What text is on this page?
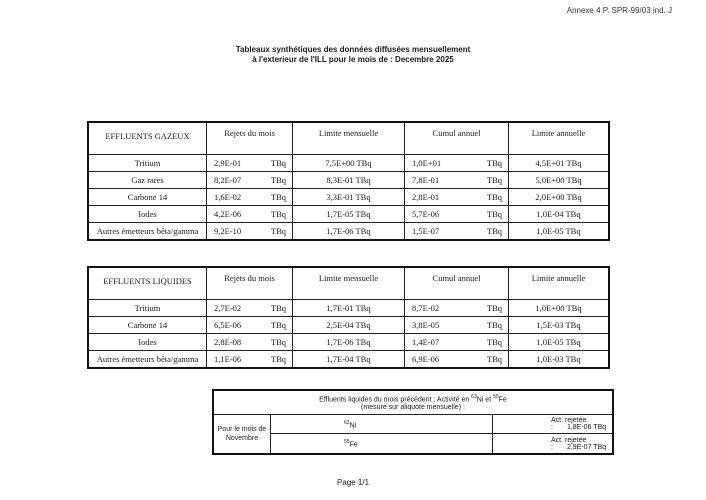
Annexe 4 P. SPR-99/03 ind. J
Tableaux synthétiques des données diffusées mensuellement
à l'exterieur de l'ILL pour le mois de : Decembre 2025
EFFLUENTS GAZEUX	Rejets du mois	Limite mensuelle	Cumul annuel	Limite annuelle

Tritium	2,9E-01 TBq	7,5E+00 TBq	1,0E+01 TBq	4,5E+01 TBq
Gaz rares	8,2E-07 TBq	8,3E-01 TBq	7,8E-01 TBq	5,0E+00 TBq
Carbone 14	1,6E-02 TBq	3,3E-01 TBq	2,8E-01 TBq	2,0E+00 TBq
Iodes	4,2E-06 TBq	1,7E-05 TBq	5,7E-06 TBq	1,0E-04 TBq
Autres émetteurs bêta/gamma	9,2E-10 TBq	1,7E-06 TBq	1,5E-07 TBq	1,0E-05 TBq
EFFLUENTS LIQUIDES	Rejets du mois	Limite mensuelle	Cumul annuel	Limite annuelle

Tritium	2,7E-02 TBq	1,7E-01 TBq	8,7E-02 TBq	1,0E+00 TBq
Carbone 14	6,5E-06 TBq	2,5E-04 TBq	3,8E-05 TBq	1,5E-03 TBq
Iodes	2,8E-08 TBq	1,7E-06 TBq	1,4E-07 TBq	1,0E-05 TBq
Autres émetteurs bêta/gamma	1,1E-06 TBq	1,7E-04 TBq	6,9E-06 TBq	1,0E-03 TBq
Effluents liquides du mois précédent : Activité en $^{63}$Ni et $^{55}$Fe
(mesure sur aliquote mensuelle) :		
Pour le mois de Novembre	$^{63}$Ni	Act. rejetée : 1,8E-06 TBq
	$^{55}$Fe	Act. rejetée : 2,9E-07 TBq
Page 1/1
